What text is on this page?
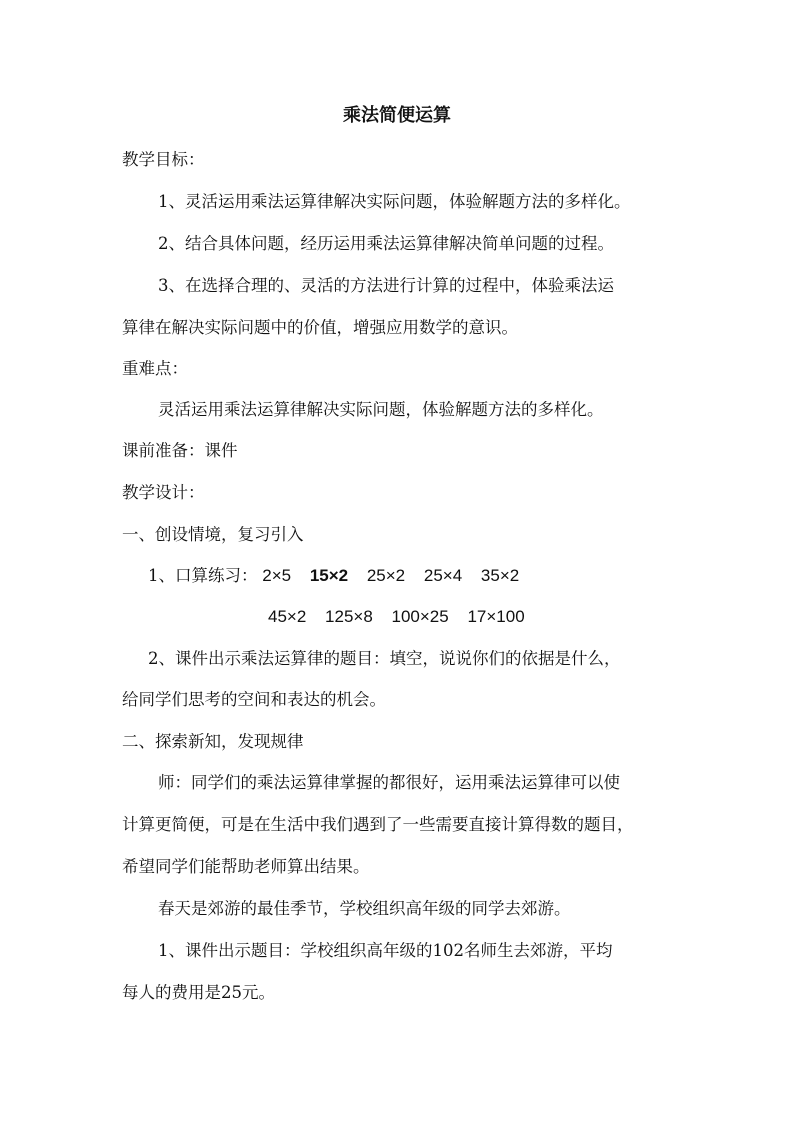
乘法简便运算
教学目标：
1、灵活运用乘法运算律解决实际问题，体验解题方法的多样化。
2、结合具体问题，经历运用乘法运算律解决简单问题的过程。
3、在选择合理的、灵活的方法进行计算的过程中，体验乘法运
算律在解决实际问题中的价值，增强应用数学的意识。
重难点：
灵活运用乘法运算律解决实际问题，体验解题方法的多样化。
课前准备：课件
教学设计：
一、创设情境，复习引入
1、口算练习： 2×5 15×2 25×2 25×4 35×2
45×2 125×8 100×25 17×100
2、课件出示乘法运算律的题目：填空，说说你们的依据是什么，
给同学们思考的空间和表达的机会。
二、探索新知，发现规律
师：同学们的乘法运算律掌握的都很好，运用乘法运算律可以使
计算更简便，可是在生活中我们遇到了一些需要直接计算得数的题目，
希望同学们能帮助老师算出结果。
春天是郊游的最佳季节，学校组织高年级的同学去郊游。
1、课件出示题目：学校组织高年级的102名师生去郊游，平均
每人的费用是25元。
